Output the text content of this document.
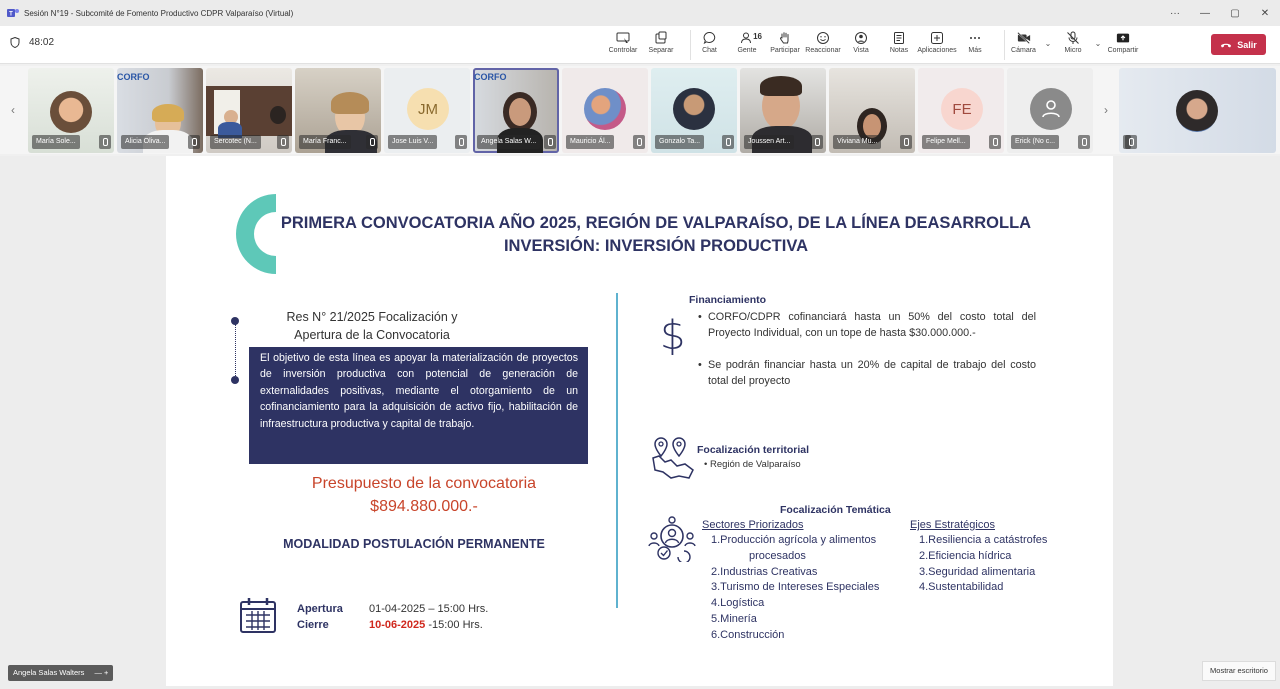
T Sesión N°19 - Subcomité de Fomento Productivo CDPR Valparaíso (Virtual)	···	—	▢	✕
48:02
Controlar Separar	Chat
16
Gente Participar Reaccionar Vista	Notas Aplicaciones Más	Cámara
⌄
Micro
⌄
Compartir
Salir
‹
María Sole...
CORFO
Alicia Oliva...	Sercotec (N...	María Franc...
JM
Jose Luis V...
CORFO
Angela Salas W...	Mauricio Ál...	Gonzalo Ta...	Joussen Art...	Viviana Mu...
FE
Felipe Mell...	Erick (No c...
›
PRIMERA CONVOCATORIA AÑO 2025, REGIÓN DE VALPARAÍSO, DE LA LÍNEA DEASARROLLA
INVERSIÓN: INVERSIÓN PRODUCTIVA
Res N° 21/2025 Focalización y Apertura de la Convocatoria
El objetivo de esta línea es apoyar la materialización de proyectos de inversión productiva con potencial de generación de externalidades positivas, mediante el otorgamiento de un cofinanciamiento para la adquisición de activo fijo, habilitación de infraestructura productiva y capital de trabajo.
Presupuesto de la convocatoria
$894.880.000.-
MODALIDAD POSTULACIÓN PERMANENTE
Apertura 01-04-2025 – 15:00 Hrs.
Cierre	10-06-2025 -15:00 Hrs.
Financiamiento
$
•	CORFO/CDPR cofinanciará hasta un 50% del costo total del Proyecto Individual, con un tope de hasta $30.000.000.-
• Se podrán financiar hasta un 20% de capital de trabajo del costo total del proyecto
Focalización territorial
• Región de Valparaíso
Focalización Temática
Sectores Priorizados
1.Producción agrícola y alimentos
procesados
2.Industrias Creativas
3.Turismo de Intereses Especiales
4.Logística
5.Minería
6.Construcción
Ejes Estratégicos
1.Resiliencia a catástrofes
2.Eficiencia hídrica
3.Seguridad alimentaria
4.Sustentabilidad
Angela Salas Walters — +	Mostrar escritorio
